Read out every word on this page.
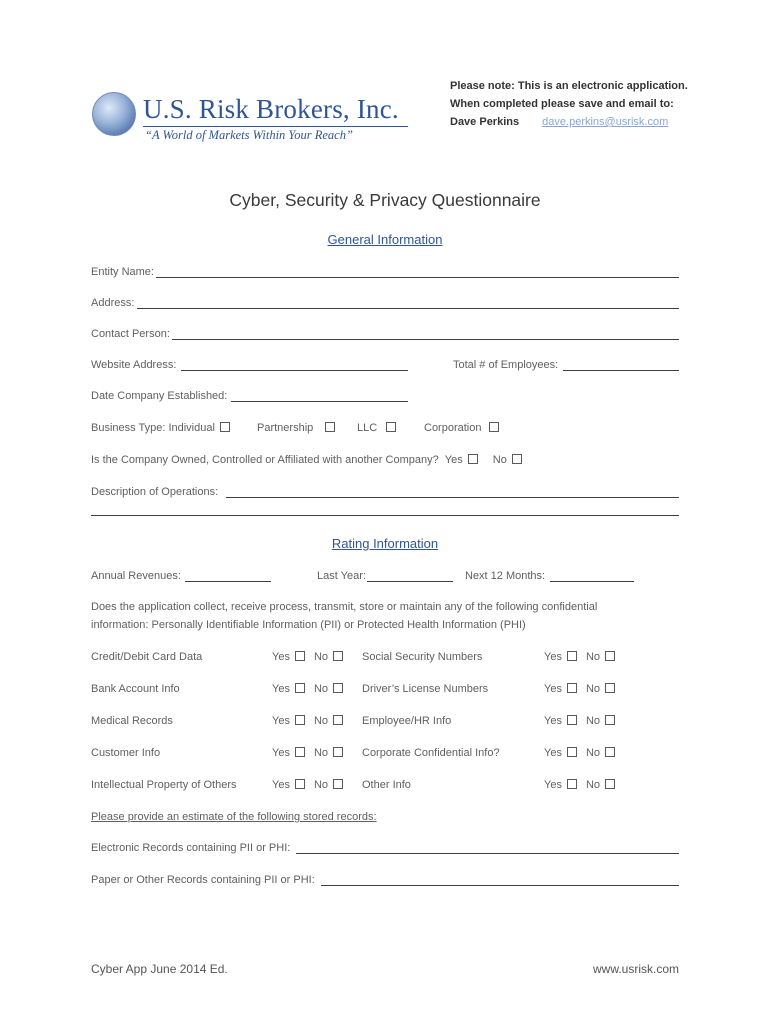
U.S. Risk Brokers, Inc.
“A World of Markets Within Your Reach”
Please note: This is an electronic application.
When completed please save and email to:
Dave Perkins dave.perkins@usrisk.com
Cyber, Security & Privacy Questionnaire
General Information
Entity Name:
Address:
Contact Person:
Website Address:	Total # of Employees:
Date Company Established:
Business Type: Individual	Partnership	LLC	Corporation
Is the Company Owned, Controlled or Affiliated with another Company? Yes	No
Description of Operations:
Rating Information
Annual Revenues:	Last Year:	Next 12 Months:
Does the application collect, receive process, transmit, store or maintain any of the following confidential
information: Personally Identifiable Information (PII) or Protected Health Information (PHI)
Credit/Debit Card Data	Yes No	Social Security Numbers	Yes No
Bank Account Info	Yes No	Driver’s License Numbers	Yes No
Medical Records	Yes No	Employee/HR Info	Yes No
Customer Info	Yes No	Corporate Confidential Info?	Yes No
Intellectual Property of Others	Yes No	Other Info	Yes No
Please provide an estimate of the following stored records:
Electronic Records containing PII or PHI:
Paper or Other Records containing PII or PHI:
Cyber App June 2014 Ed.	www.usrisk.com
